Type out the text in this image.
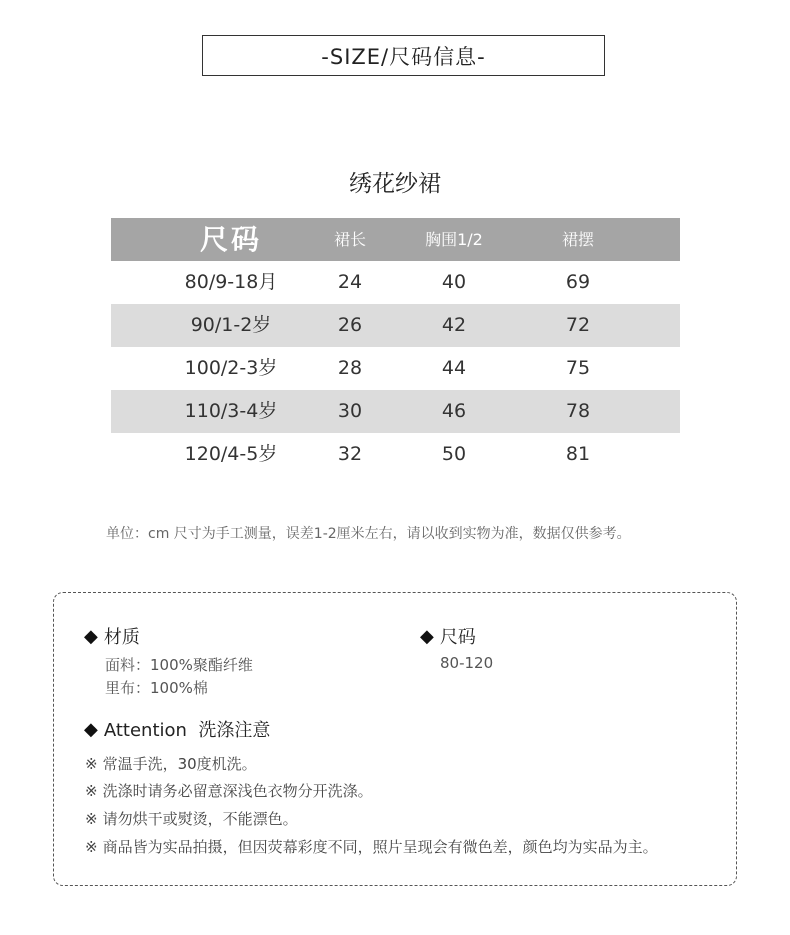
-SIZE/尺码信息-
绣花纱裙
尺码	裙长	胸围1/2	裙摆
80/9-18月	24	40	69
90/1-2岁	26	42	72
100/2-3岁	28	44	75
110/3-4岁	30	46	78
120/4-5岁	32	50	81
单位：cm 尺寸为手工测量，误差1-2厘米左右，请以收到实物为准，数据仅供参考。
◆ 材质
面料：100%聚酯纤维
里布：100%棉
◆ 尺码
80-120
◆ Attention  洗涤注意
※ 常温手洗，30度机洗。
※ 洗涤时请务必留意深浅色衣物分开洗涤。
※ 请勿烘干或熨烫，不能漂色。
※ 商品皆为实品拍摄，但因荧幕彩度不同，照片呈现会有微色差，颜色均为实品为主。
